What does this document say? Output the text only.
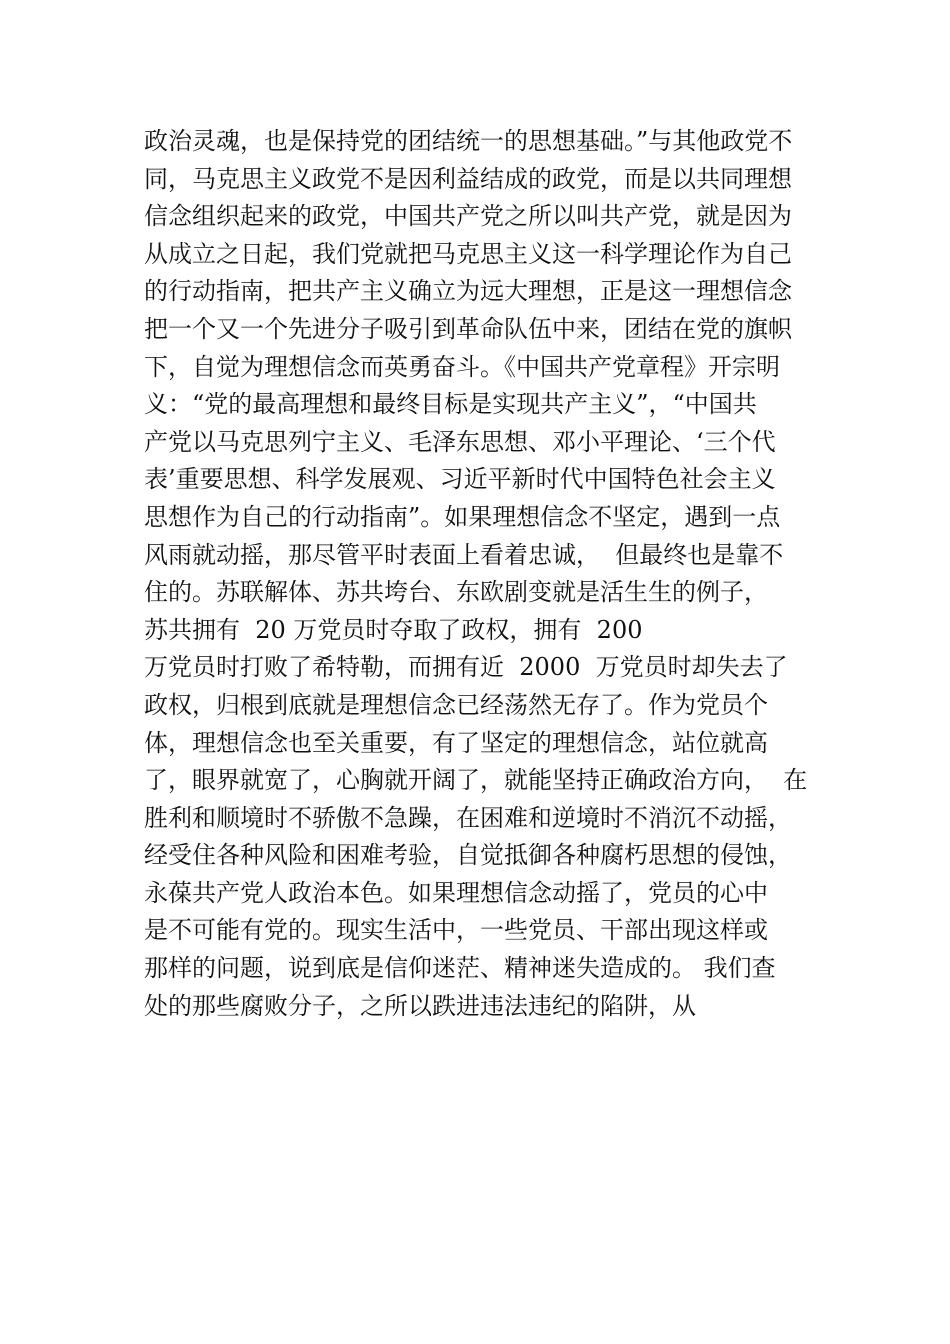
政治灵魂，也是保持党的团结统一的思想基础。”与其他政党不
同，马克思主义政党不是因利益结成的政党，而是以共同理想
信念组织起来的政党，中国共产党之所以叫共产党，就是因为
从成立之日起，我们党就把马克思主义这一科学理论作为自己
的行动指南，把共产主义确立为远大理想，正是这一理想信念
把一个又一个先进分子吸引到革命队伍中来，团结在党的旗帜
下，自觉为理想信念而英勇奋斗。《中国共产党章程》开宗明
义：“党的最高理想和最终目标是实现共产主义”，“中国共
产党以马克思列宁主义、毛泽东思想、邓小平理论、‘三个代
表’重要思想、科学发展观、习近平新时代中国特色社会主义
思想作为自己的行动指南”。如果理想信念不坚定，遇到一点
风雨就动摇，那尽管平时表面上看着忠诚，  但最终也是靠不
住的。苏联解体、苏共垮台、东欧剧变就是活生生的例子，
苏共拥有  20 万党员时夺取了政权，拥有  200
万党员时打败了希特勒，而拥有近  2000  万党员时却失去了
政权，归根到底就是理想信念已经荡然无存了。作为党员个
体，理想信念也至关重要，有了坚定的理想信念，站位就高
了，眼界就宽了，心胸就开阔了，就能坚持正确政治方向，  在
胜利和顺境时不骄傲不急躁，在困难和逆境时不消沉不动摇，
经受住各种风险和困难考验，自觉抵御各种腐朽思想的侵蚀，
永葆共产党人政治本色。如果理想信念动摇了，党员的心中
是不可能有党的。现实生活中，一些党员、干部出现这样或
那样的问题，说到底是信仰迷茫、精神迷失造成的。 我们查
处的那些腐败分子，之所以跌进违法违纪的陷阱，从
